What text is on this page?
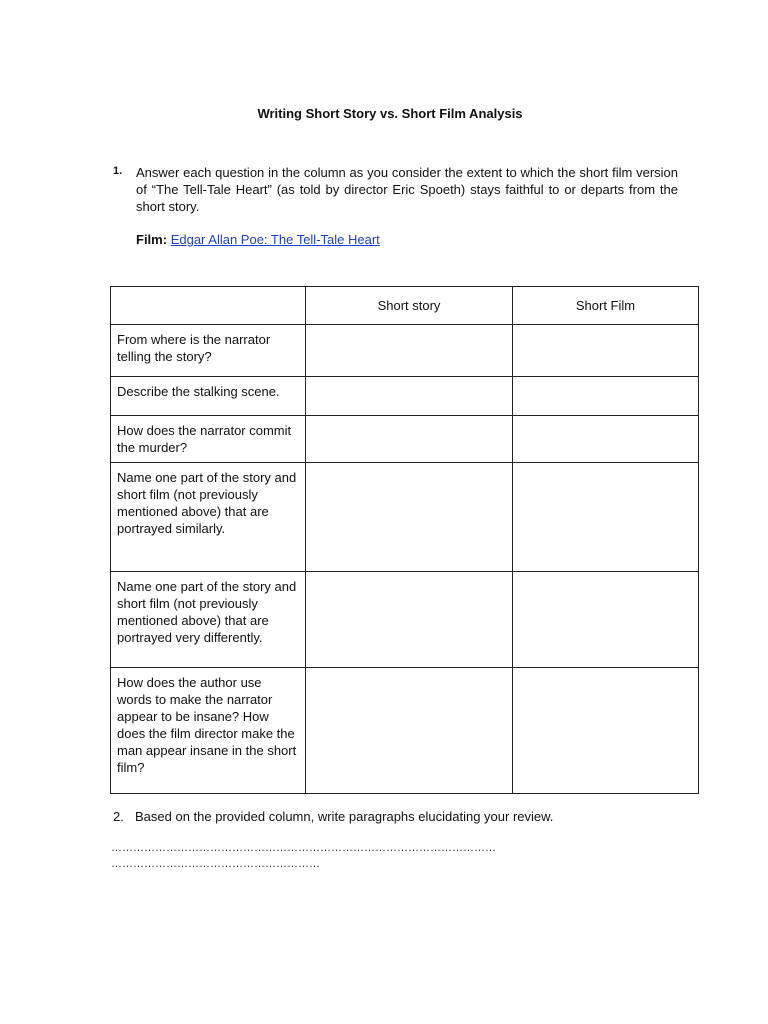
Writing Short Story vs. Short Film Analysis
1. Answer each question in the column as you consider the extent to which the short film version of “The Tell-Tale Heart” (as told by director Eric Spoeth) stays faithful to or departs from the short story.
Film: Edgar Allan Poe: The Tell-Tale Heart
	Short story	Short Film
From where is the narrator telling the story?		
Describe the stalking scene.		
How does the narrator commit the murder?		
Name one part of the story and short film (not previously mentioned above) that are portrayed similarly.		
Name one part of the story and short film (not previously mentioned above) that are portrayed very differently.		
How does the author use words to make the narrator appear to be insane? How does the film director make the man appear insane in the short film?		
2. Based on the provided column, write paragraphs elucidating your review.
……………………………………………………………………………………………
…………………………………………………
